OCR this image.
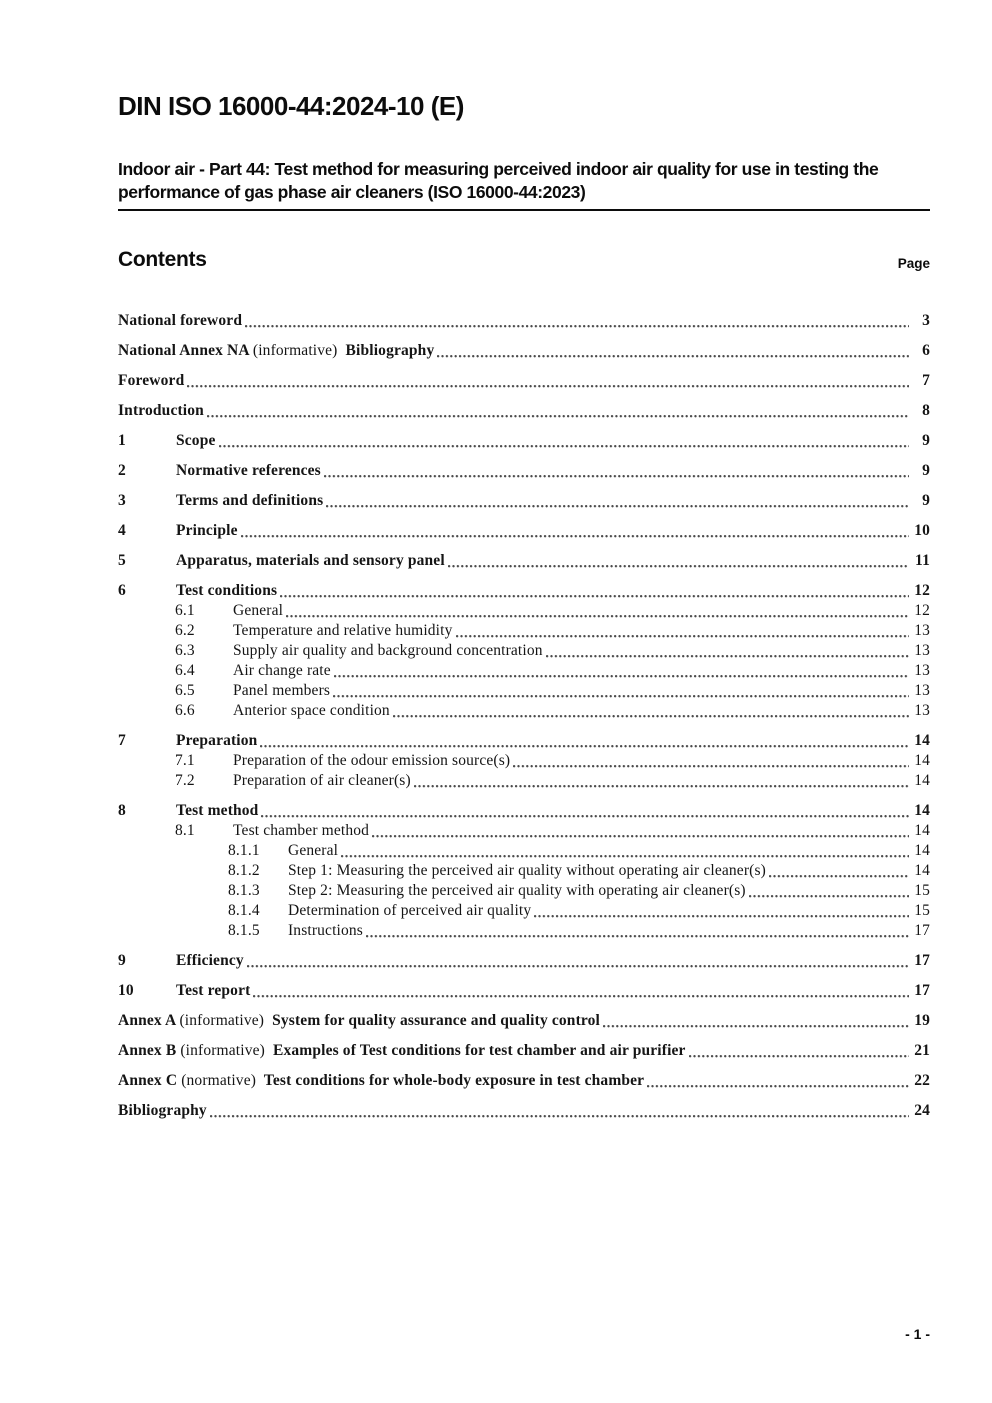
DIN ISO 16000-44:2024-10 (E)
Indoor air - Part 44: Test method for measuring perceived indoor air quality for use in testing the performance of gas phase air cleaners (ISO 16000-44:2023)
Contents	Page
National foreword	3
National Annex NA (informative)  Bibliography	6
Foreword	7
Introduction	8
1	Scope	9
2	Normative references	9
3	Terms and definitions	9
4	Principle	10
5	Apparatus, materials and sensory panel	11
6	Test conditions	12
6.1	General	12
6.2	Temperature and relative humidity	13
6.3	Supply air quality and background concentration	13
6.4	Air change rate	13
6.5	Panel members	13
6.6	Anterior space condition	13
7	Preparation	14
7.1	Preparation of the odour emission source(s)	14
7.2	Preparation of air cleaner(s)	14
8	Test method	14
8.1	Test chamber method	14
8.1.1	General	14
8.1.2	Step 1: Measuring the perceived air quality without operating air cleaner(s)	14
8.1.3	Step 2: Measuring the perceived air quality with operating air cleaner(s)	15
8.1.4	Determination of perceived air quality	15
8.1.5	Instructions	17
9	Efficiency	17
10	Test report	17
Annex A (informative)  System for quality assurance and quality control	19
Annex B (informative)  Examples of Test conditions for test chamber and air purifier	21
Annex C (normative)  Test conditions for whole-body exposure in test chamber	22
Bibliography	24
- 1 -
